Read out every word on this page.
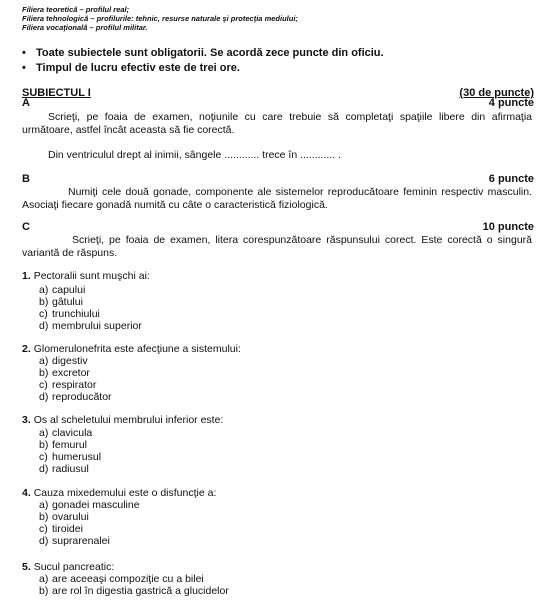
Filiera teoretică – profilul real;
Filiera tehnologică – profilurile: tehnic, resurse naturale şi protecţia mediului;
Filiera vocaţională – profilul militar.
• Toate subiectele sunt obligatorii. Se acordă zece puncte din oficiu.
• Timpul de lucru efectiv este de trei ore.
SUBIECTUL I	(30 de puncte)
A	4 puncte
Scrieţi, pe foaia de examen, noţiunile cu care trebuie să completaţi spaţiile libere din afirmaţia următoare, astfel încât aceasta să fie corectă.
Din ventriculul drept al inimii, sângele ............ trece în ............ .
B	6 puncte
Numiţi cele două gonade, componente ale sistemelor reproducătoare feminin respectiv masculin. Asociaţi fiecare gonadă numită cu câte o caracteristică fiziologică.
C	10 puncte
Scrieţi, pe foaia de examen, litera corespunzătoare răspunsului corect. Este corectă o singură variantă de răspuns.
1. Pectoralii sunt muşchi ai:
a) capului
b) gâtului
c) trunchiului
d) membrului superior
2. Glomerulonefrita este afecţiune a sistemului:
a) digestiv
b) excretor
c) respirator
d) reproducător
3. Os al scheletului membrului inferior este:
a) clavicula
b) femurul
c) humerusul
d) radiusul
4. Cauza mixedemului este o disfuncţie a:
a) gonadei masculine
b) ovarului
c) tiroidei
d) suprarenalei
5. Sucul pancreatic:
a) are aceeaşi compoziţie cu a bilei
b) are rol în digestia gastrică a glucidelor
